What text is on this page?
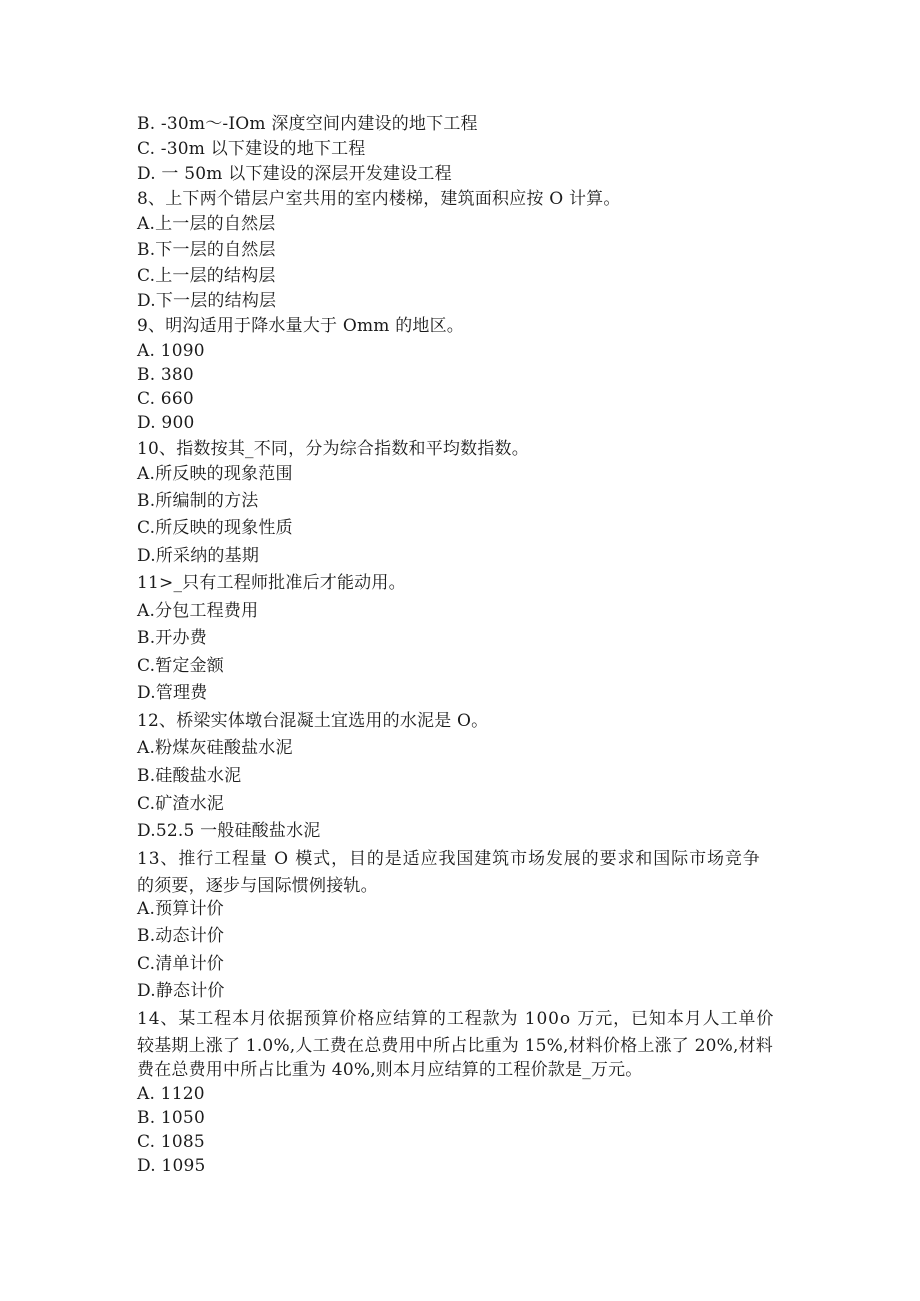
B. -30m～-IOm 深度空间内建设的地下工程
C. -30m 以下建设的地下工程
D. 一 50m 以下建设的深层开发建设工程
8、上下两个错层户室共用的室内楼梯，建筑面积应按 O 计算。
A.上一层的自然层
B.下一层的自然层
C.上一层的结构层
D.下一层的结构层
9、明沟适用于降水量大于 Omm 的地区。
A. 1090
B. 380
C. 660
D. 900
10、指数按其_不同，分为综合指数和平均数指数。
A.所反映的现象范围
B.所编制的方法
C.所反映的现象性质
D.所采纳的基期
11>_只有工程师批准后才能动用。
A.分包工程费用
B.开办费
C.暂定金额
D.管理费
12、桥梁实体墩台混凝土宜选用的水泥是 O。
A.粉煤灰硅酸盐水泥
B.硅酸盐水泥
C.矿渣水泥
D.52.5 一般硅酸盐水泥
13、推行工程量 O 模式，目的是适应我国建筑市场发展的要求和国际市场竞争
的须要，逐步与国际惯例接轨。
A.预算计价
B.动态计价
C.清单计价
D.静态计价
14、某工程本月依据预算价格应结算的工程款为 100o 万元，已知本月人工单价
较基期上涨了 1.0%,人工费在总费用中所占比重为 15%,材料价格上涨了 20%,材料
费在总费用中所占比重为 40%,则本月应结算的工程价款是_万元。
A. 1120
B. 1050
C. 1085
D. 1095
